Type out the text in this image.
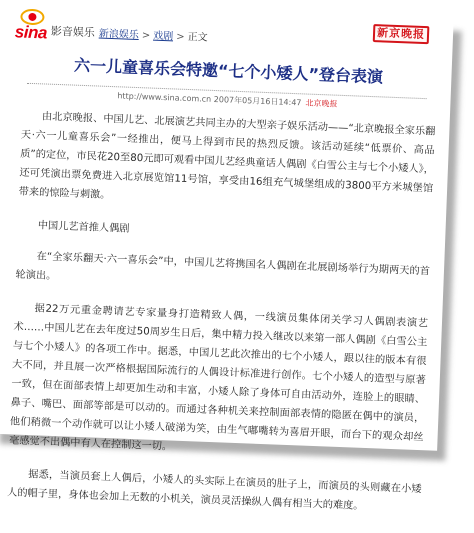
sina 影音娱乐 新浪娱乐 > 戏剧 > 正文	新京晚报
六一儿童喜乐会特邀“七个小矮人”登台表演
http://www.sina.com.cn 2007年05月16日14:47 北京晚报

由北京晚报、中国儿艺、北展演艺共同主办的大型亲子娱乐活动——“北京晚报全家乐翻天·六一儿童喜乐会”一经推出，便马上得到市民的热烈反馈。该活动延续“低票价、高品质”的定位，市民花20至80元即可观看中国儿艺经典童话人偶剧《白雪公主与七个小矮人》，还可凭演出票免费进入北京展览馆11号馆，享受由16组充气城堡组成的3800平方米城堡馆带来的惊险与刺激。

中国儿艺首推人偶剧

在“全家乐翻天·六一喜乐会”中，中国儿艺将携国名人偶剧在北展剧场举行为期两天的首轮演出。

据22万元重金聘请艺专家量身打造精致人偶，一线演员集体闭关学习人偶剧表演艺术……中国儿艺在去年度过50周岁生日后，集中精力投入继改以来第一部人偶剧《白雪公主与七个小矮人》的各项工作中。据悉，中国儿艺此次推出的七个小矮人，跟以往的版本有很大不同，并且展一次严格根据国际流行的人偶设计标准进行创作。七个小矮人的造型与原著一致，但在面部表情上却更加生动和丰富，小矮人除了身体可自由活动外，连脸上的眼睛、鼻子、嘴巴、面部等部是可以动的。而通过各种机关来控制面部表情的隐匿在偶中的演员，他们稍微一个动作就可以让小矮人破涕为笑，由生气嘟嘴转为喜眉开眼，而台下的观众却丝毫感觉不出偶中有人在控制这一切。

据悉，当演员套上人偶后，小矮人的头实际上在演员的肚子上，而演员的头则藏在小矮人的帽子里，身体也会加上无数的小机关，演员灵活操纵人偶有相当大的难度。
